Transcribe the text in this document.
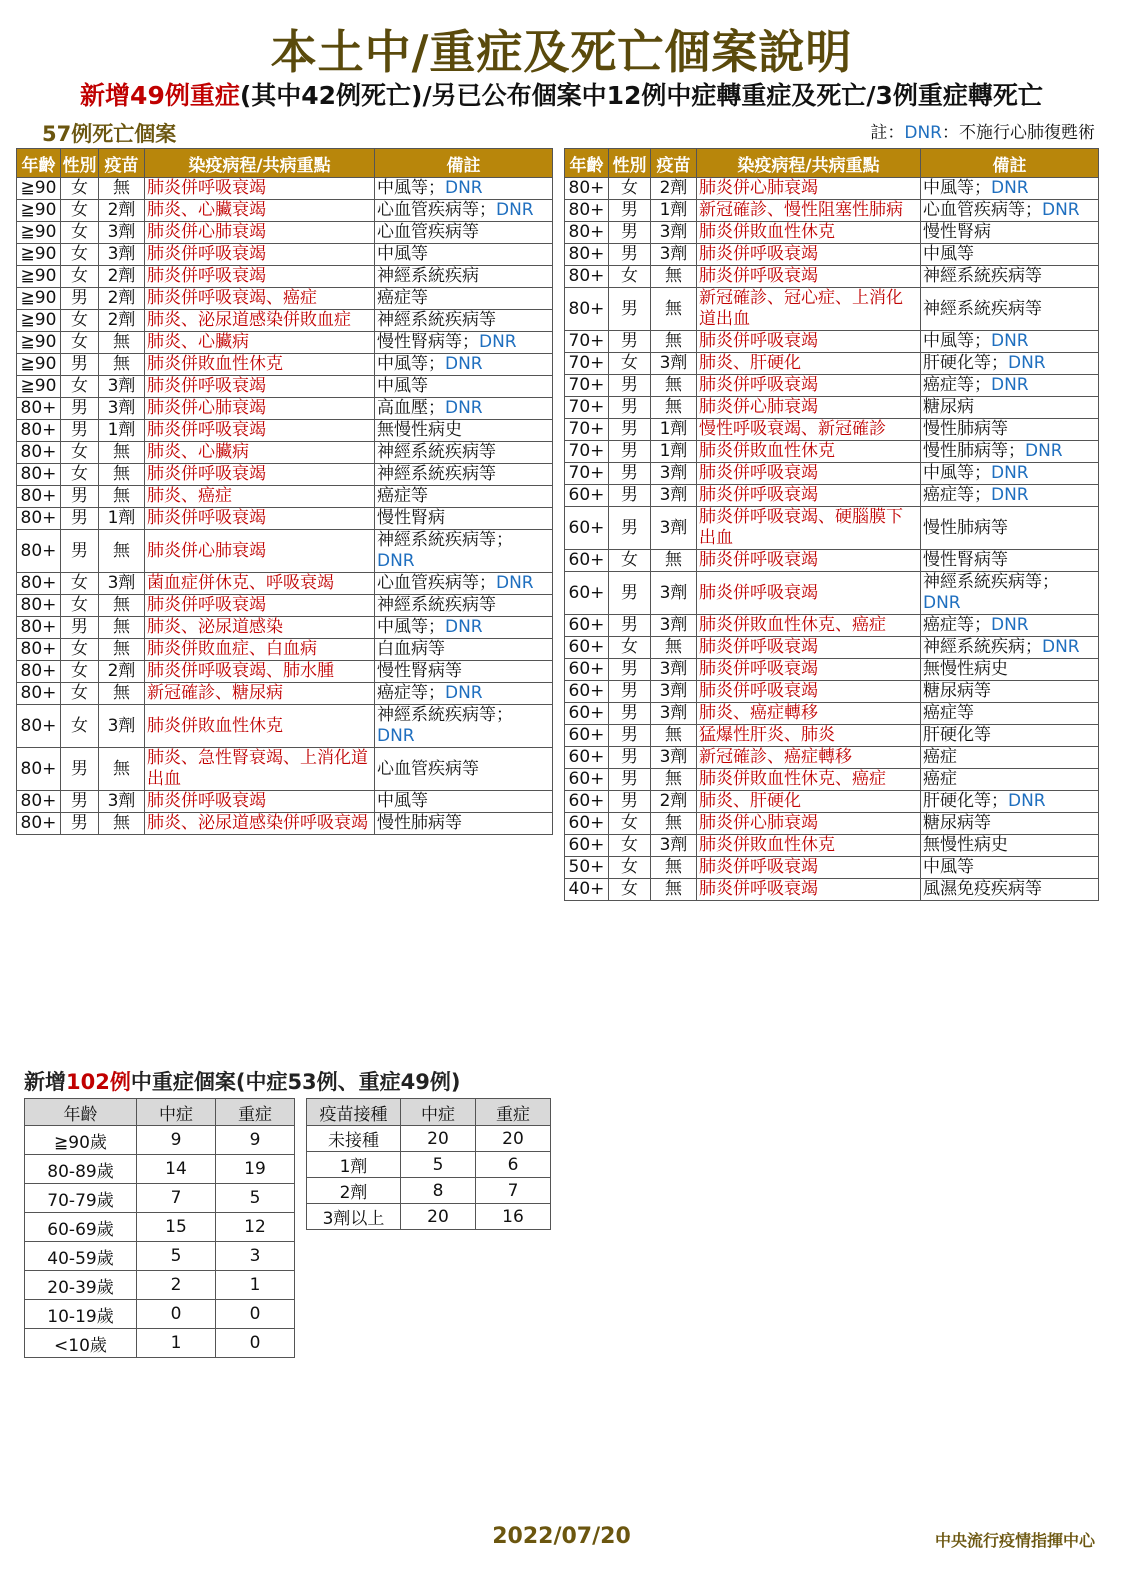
本土中/重症及死亡個案說明
新增49例重症(其中42例死亡)/另已公布個案中12例中症轉重症及死亡/3例重症轉死亡
57例死亡個案	註：DNR：不施行心肺復甦術
年齡	性別	疫苗	染疫病程/共病重點	備註
≧90	女	無	肺炎併呼吸衰竭	中風等；DNR
≧90	女	2劑	肺炎、心臟衰竭	心血管疾病等；DNR
≧90	女	3劑	肺炎併心肺衰竭	心血管疾病等
≧90	女	3劑	肺炎併呼吸衰竭	中風等
≧90	女	2劑	肺炎併呼吸衰竭	神經系統疾病
≧90	男	2劑	肺炎併呼吸衰竭、癌症	癌症等
≧90	女	2劑	肺炎、泌尿道感染併敗血症	神經系統疾病等
≧90	女	無	肺炎、心臟病	慢性腎病等；DNR
≧90	男	無	肺炎併敗血性休克	中風等；DNR
≧90	女	3劑	肺炎併呼吸衰竭	中風等
80+	男	3劑	肺炎併心肺衰竭	高血壓；DNR
80+	男	1劑	肺炎併呼吸衰竭	無慢性病史
80+	女	無	肺炎、心臟病	神經系統疾病等
80+	女	無	肺炎併呼吸衰竭	神經系統疾病等
80+	男	無	肺炎、癌症	癌症等
80+	男	1劑	肺炎併呼吸衰竭	慢性腎病
80+	男	無	肺炎併心肺衰竭	神經系統疾病等；DNR
80+	女	3劑	菌血症併休克、呼吸衰竭	心血管疾病等；DNR
80+	女	無	肺炎併呼吸衰竭	神經系統疾病等
80+	男	無	肺炎、泌尿道感染	中風等；DNR
80+	女	無	肺炎併敗血症、白血病	白血病等
80+	女	2劑	肺炎併呼吸衰竭、肺水腫	慢性腎病等
80+	女	無	新冠確診、糖尿病	癌症等；DNR
80+	女	3劑	肺炎併敗血性休克	神經系統疾病等；DNR
80+	男	無	肺炎、急性腎衰竭、上消化道出血	心血管疾病等
80+	男	3劑	肺炎併呼吸衰竭	中風等
80+	男	無	肺炎、泌尿道感染併呼吸衰竭	慢性肺病等
年齡	性別	疫苗	染疫病程/共病重點	備註
80+	女	2劑	肺炎併心肺衰竭	中風等；DNR
80+	男	1劑	新冠確診、慢性阻塞性肺病	心血管疾病等；DNR
80+	男	3劑	肺炎併敗血性休克	慢性腎病
80+	男	3劑	肺炎併呼吸衰竭	中風等
80+	女	無	肺炎併呼吸衰竭	神經系統疾病等
80+	男	無	新冠確診、冠心症、上消化道出血	神經系統疾病等
70+	男	無	肺炎併呼吸衰竭	中風等；DNR
70+	女	3劑	肺炎、肝硬化	肝硬化等；DNR
70+	男	無	肺炎併呼吸衰竭	癌症等；DNR
70+	男	無	肺炎併心肺衰竭	糖尿病
70+	男	1劑	慢性呼吸衰竭、新冠確診	慢性肺病等
70+	男	1劑	肺炎併敗血性休克	慢性肺病等；DNR
70+	男	3劑	肺炎併呼吸衰竭	中風等；DNR
60+	男	3劑	肺炎併呼吸衰竭	癌症等；DNR
60+	男	3劑	肺炎併呼吸衰竭、硬腦膜下出血	慢性肺病等
60+	女	無	肺炎併呼吸衰竭	慢性腎病等
60+	男	3劑	肺炎併呼吸衰竭	神經系統疾病等；DNR
60+	男	3劑	肺炎併敗血性休克、癌症	癌症等；DNR
60+	女	無	肺炎併呼吸衰竭	神經系統疾病；DNR
60+	男	3劑	肺炎併呼吸衰竭	無慢性病史
60+	男	3劑	肺炎併呼吸衰竭	糖尿病等
60+	男	3劑	肺炎、癌症轉移	癌症等
60+	男	無	猛爆性肝炎、肺炎	肝硬化等
60+	男	3劑	新冠確診、癌症轉移	癌症
60+	男	無	肺炎併敗血性休克、癌症	癌症
60+	男	2劑	肺炎、肝硬化	肝硬化等；DNR
60+	女	無	肺炎併心肺衰竭	糖尿病等
60+	女	3劑	肺炎併敗血性休克	無慢性病史
50+	女	無	肺炎併呼吸衰竭	中風等
40+	女	無	肺炎併呼吸衰竭	風濕免疫疾病等
新增102例中重症個案(中症53例、重症49例)
年齡	中症	重症
≧90歲	9	9
80-89歲	14	19
70-79歲	7	5
60-69歲	15	12
40-59歲	5	3
20-39歲	2	1
10-19歲	0	0
<10歲	1	0
疫苗接種	中症	重症
未接種	20	20
1劑	5	6
2劑	8	7
3劑以上	20	16
2022/07/20	中央流行疫情指揮中心
